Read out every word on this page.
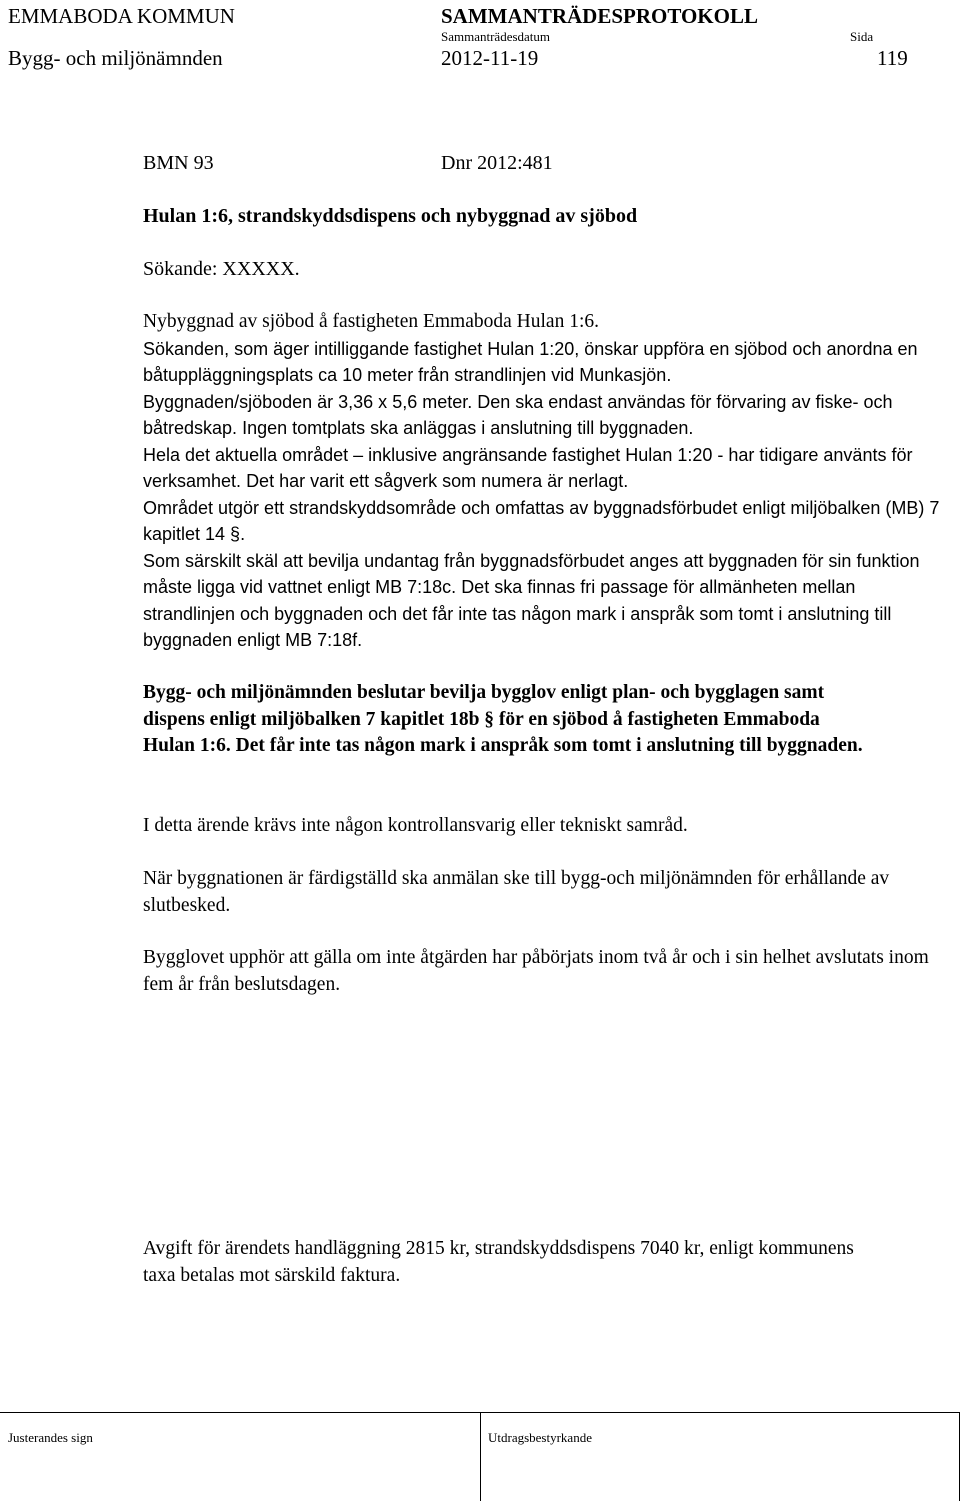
EMMABODA KOMMUN
Bygg- och miljönämnden
SAMMANTRÄDESPROTOKOLL
Sammanträdesdatum
2012-11-19
Sida
119
BMN 93	Dnr 2012:481
Hulan 1:6, strandskyddsdispens och nybyggnad av sjöbod
Sökande: XXXXX.

Nybyggnad av sjöbod å fastigheten Emmaboda Hulan 1:6.

Sökanden, som äger intilliggande fastighet Hulan 1:20, önskar uppföra en sjöbod och anordna en båtuppläggningsplats ca 10 meter från strandlinjen vid Munkasjön.

Byggnaden/sjöboden är 3,36 x 5,6 meter. Den ska endast användas för förvaring av fiske- och båtredskap. Ingen tomtplats ska anläggas i anslutning till byggnaden.

Hela det aktuella området – inklusive angränsande fastighet Hulan 1:20 - har tidigare använts för verksamhet. Det har varit ett sågverk som numera är nerlagt.

Området utgör ett strandskyddsområde och omfattas av byggnadsförbudet enligt miljöbalken (MB) 7 kapitlet 14 §.

Som särskilt skäl att bevilja undantag från byggnadsförbudet anges att byggnaden för sin funktion måste ligga vid vattnet enligt MB 7:18c. Det ska finnas fri passage för allmänheten mellan strandlinjen och byggnaden och det får inte tas någon mark i anspråk som tomt i anslutning till byggnaden enligt MB 7:18f.

Bygg- och miljönämnden beslutar bevilja bygglov enligt plan- och bygglagen samt dispens enligt miljöbalken 7 kapitlet 18b § för en sjöbod å fastigheten Emmaboda Hulan 1:6. Det får inte tas någon mark i anspråk som tomt i anslutning till byggnaden.
I detta ärende krävs inte någon kontrollansvarig eller tekniskt samråd.
När byggnationen är färdigställd ska anmälan ske till bygg-och miljönämnden för erhållande av slutbesked.
Bygglovet upphör att gälla om inte åtgärden har påbörjats inom två år och i sin helhet avslutats inom fem år från beslutsdagen.
Avgift för ärendets handläggning 2815 kr, strandskyddsdispens 7040 kr, enligt kommunens taxa betalas mot särskild faktura.
Justerandes sign	Utdragsbestyrkande
